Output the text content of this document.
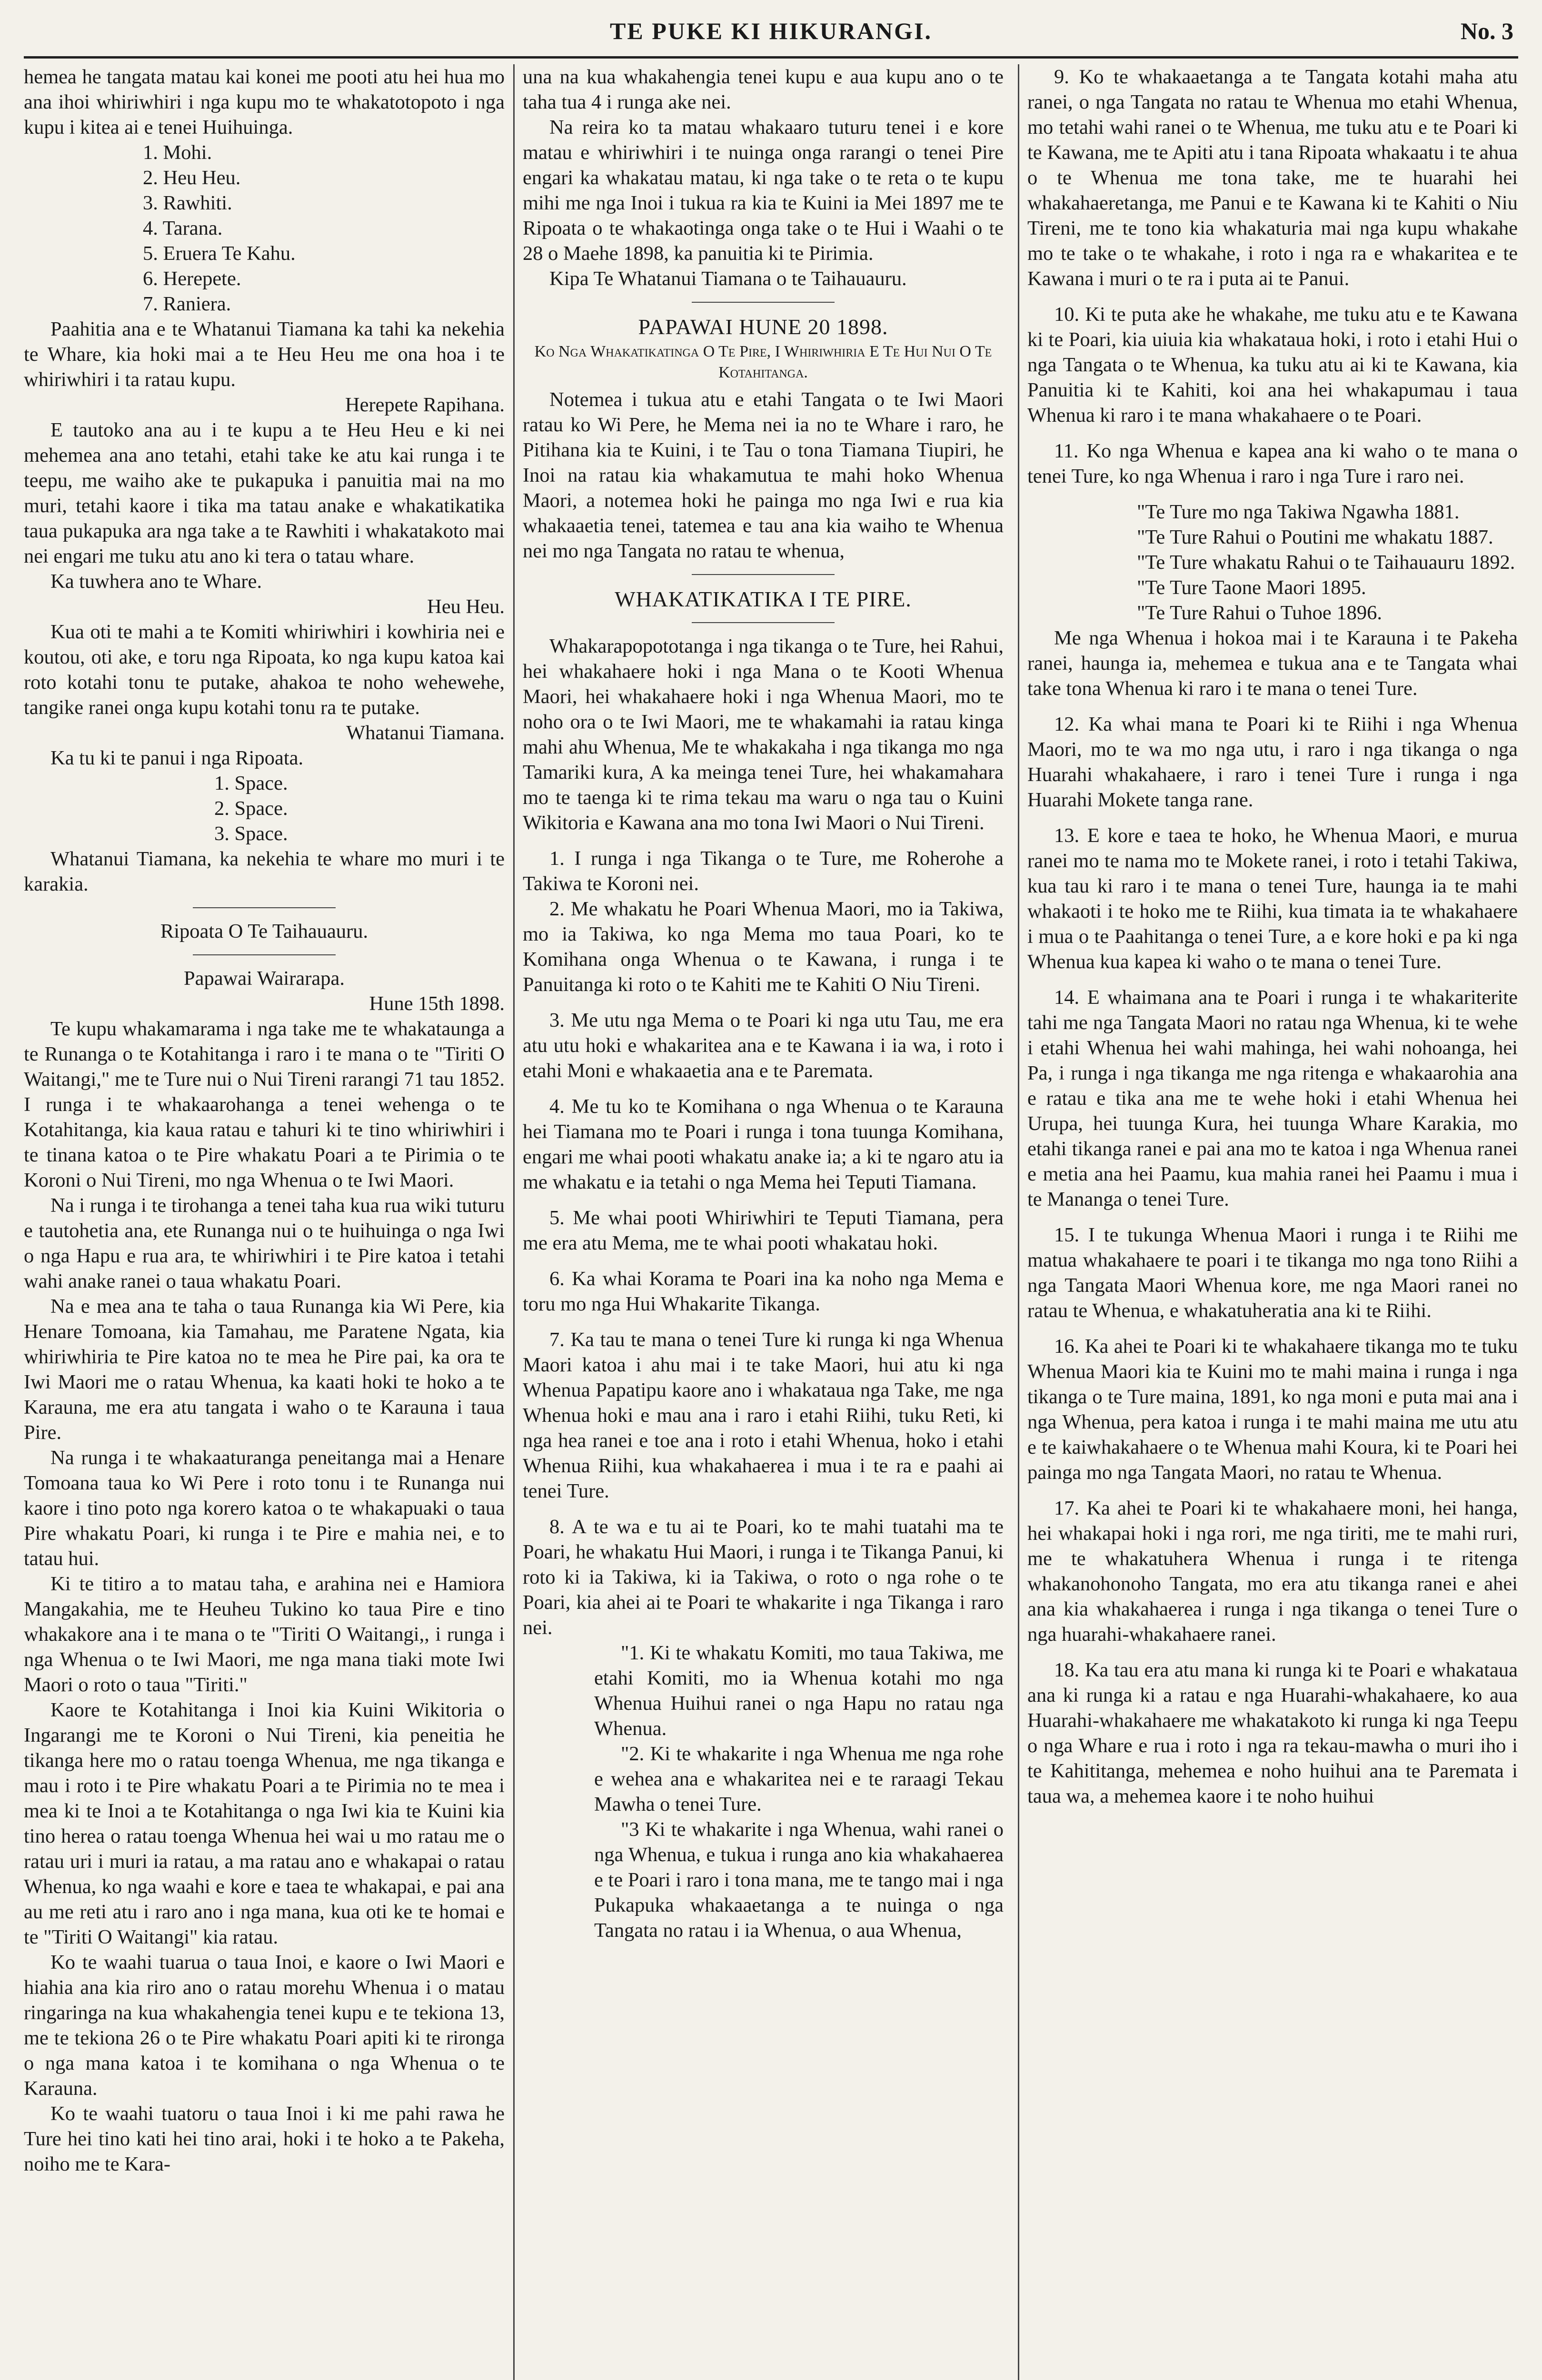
TE PUKE KI HIKURANGI.	No. 3

hemea he tangata matau kai konei me pooti atu hei hua mo ana ihoi whiriwhiri i nga kupu mo te whakatotopoto i nga kupu i kitea ai e tenei Huihuinga.

1. Mohi.
2. Heu Heu.
3. Rawhiti.
4. Tarana.
5. Eruera Te Kahu.
6. Herepete.
7. Raniera.

Paahitia ana e te Whatanui Tiamana ka tahi ka nekehia te Whare, kia hoki mai a te Heu Heu me ona hoa i te whiriwhiri i ta ratau kupu.

Herepete Rapihana.

E tautoko ana au i te kupu a te Heu Heu e ki nei mehemea ana ano tetahi, etahi take ke atu kai runga i te teepu, me waiho ake te pukapuka i panuitia mai na mo muri, tetahi kaore i tika ma tatau anake e whakatikatika taua pukapuka ara nga take a te Rawhiti i whakatakoto mai nei engari me tuku atu ano ki tera o tatau whare.

Ka tuwhera ano te Whare.

Heu Heu.

Kua oti te mahi a te Komiti whiriwhiri i kowhiria nei e koutou, oti ake, e toru nga Ripoata, ko nga kupu katoa kai roto kotahi tonu te putake, ahakoa te noho wehewehe, tangike ranei onga kupu kotahi tonu ra te putake.

Whatanui Tiamana.

Ka tu ki te panui i nga Ripoata.

1. Space.
2. Space.
3. Space.

Whatanui Tiamana, ka nekehia te whare mo muri i te karakia.

Ripoata O Te Taihauauru.

Papawai Wairarapa.

Hune 15th 1898.

Te kupu whakamarama i nga take me te whakataunga a te Runanga o te Kotahitanga i raro i te mana o te "Tiriti O Waitangi," me te Ture nui o Nui Tireni rarangi 71 tau 1852. I runga i te whakaarohanga a tenei wehenga o te Kotahitanga, kia kaua ratau e tahuri ki te tino whiriwhiri i te tinana katoa o te Pire whakatu Poari a te Pirimia o te Koroni o Nui Tireni, mo nga Whenua o te Iwi Maori.

Na i runga i te tirohanga a tenei taha kua rua wiki tuturu e tautohetia ana, ete Runanga nui o te huihuinga o nga Iwi o nga Hapu e rua ara, te whiriwhiri i te Pire katoa i tetahi wahi anake ranei o taua whakatu Poari.

Na e mea ana te taha o taua Runanga kia Wi Pere, kia Henare Tomoana, kia Tamahau, me Paratene Ngata, kia whiriwhiria te Pire katoa no te mea he Pire pai, ka ora te Iwi Maori me o ratau Whenua, ka kaati hoki te hoko a te Karauna, me era atu tangata i waho o te Karauna i taua Pire.

Na runga i te whakaaturanga peneitanga mai a Henare Tomoana taua ko Wi Pere i roto tonu i te Runanga nui kaore i tino poto nga korero katoa o te whakapuaki o taua Pire whakatu Poari, ki runga i te Pire e mahia nei, e to tatau hui.

Ki te titiro a to matau taha, e arahina nei e Hamiora Mangakahia, me te Heuheu Tukino ko taua Pire e tino whakakore ana i te mana o te "Tiriti O Waitangi,, i runga i nga Whenua o te Iwi Maori, me nga mana tiaki mote Iwi Maori o roto o taua "Tiriti."

Kaore te Kotahitanga i Inoi kia Kuini Wikitoria o Ingarangi me te Koroni o Nui Tireni, kia peneitia he tikanga here mo o ratau toenga Whenua, me nga tikanga e mau i roto i te Pire whakatu Poari a te Pirimia no te mea i mea ki te Inoi a te Kotahitanga o nga Iwi kia te Kuini kia tino herea o ratau toenga Whenua hei wai u mo ratau me o ratau uri i muri ia ratau, a ma ratau ano e whakapai o ratau Whenua, ko nga waahi e kore e taea te whakapai, e pai ana au me reti atu i raro ano i nga mana, kua oti ke te homai e te "Tiriti O Waitangi" kia ratau.

Ko te waahi tuarua o taua Inoi, e kaore o Iwi Maori e hiahia ana kia riro ano o ratau morehu Whenua i o matau ringaringa na kua whakahengia tenei kupu e te tekiona 13, me te tekiona 26 o te Pire whakatu Poari apiti ki te rironga o nga mana katoa i te komihana o nga Whenua o te Karauna.

Ko te waahi tuatoru o taua Inoi i ki me pahi rawa he Ture hei tino kati hei tino arai, hoki i te hoko a te Pakeha, noiho me te Kara-

una na kua whakahengia tenei kupu e aua kupu ano o te taha tua 4 i runga ake nei.

Na reira ko ta matau whakaaro tuturu tenei i e kore matau e whiriwhiri i te nuinga onga rarangi o tenei Pire engari ka whakatau matau, ki nga take o te reta o te kupu mihi me nga Inoi i tukua ra kia te Kuini ia Mei 1897 me te Ripoata o te whakaotinga onga take o te Hui i Waahi o te 28 o Maehe 1898, ka panuitia ki te Pirimia.

Kipa Te Whatanui Tiamana o te Taihauauru.

PAPAWAI HUNE 20 1898.

Ko Nga Whakatikatinga O Te Pire, I Whiriwhiria E Te Hui Nui O Te Kotahitanga.

Notemea i tukua atu e etahi Tangata o te Iwi Maori ratau ko Wi Pere, he Mema nei ia no te Whare i raro, he Pitihana kia te Kuini, i te Tau o tona Tiamana Tiupiri, he Inoi na ratau kia whakamutua te mahi hoko Whenua Maori, a notemea hoki he painga mo nga Iwi e rua kia whakaaetia tenei, tatemea e tau ana kia waiho te Whenua nei mo nga Tangata no ratau te whenua,

WHAKATIKATIKA I TE PIRE.

Whakarapopototanga i nga tikanga o te Ture, hei Rahui, hei whakahaere hoki i nga Mana o te Kooti Whenua Maori, hei whakahaere hoki i nga Whenua Maori, mo te noho ora o te Iwi Maori, me te whakamahi ia ratau kinga mahi ahu Whenua, Me te whakakaha i nga tikanga mo nga Tamariki kura, A ka meinga tenei Ture, hei whakamahara mo te taenga ki te rima tekau ma waru o nga tau o Kuini Wikitoria e Kawana ana mo tona Iwi Maori o Nui Tireni.

1. I runga i nga Tikanga o te Ture, me Roherohe a Takiwa te Koroni nei.

2. Me whakatu he Poari Whenua Maori, mo ia Takiwa, mo ia Takiwa, ko nga Mema mo taua Poari, ko te Komihana onga Whenua o te Kawana, i runga i te Panuitanga ki roto o te Kahiti me te Kahiti O Niu Tireni.

3. Me utu nga Mema o te Poari ki nga utu Tau, me era atu utu hoki e whakaritea ana e te Kawana i ia wa, i roto i etahi Moni e whakaaetia ana e te Paremata.

4. Me tu ko te Komihana o nga Whenua o te Karauna hei Tiamana mo te Poari i runga i tona tuunga Komihana, engari me whai pooti whakatu anake ia; a ki te ngaro atu ia me whakatu e ia tetahi o nga Mema hei Teputi Tiamana.

5. Me whai pooti Whiriwhiri te Teputi Tiamana, pera me era atu Mema, me te whai pooti whakatau hoki.

6. Ka whai Korama te Poari ina ka noho nga Mema e toru mo nga Hui Whakarite Tikanga.

7. Ka tau te mana o tenei Ture ki runga ki nga Whenua Maori katoa i ahu mai i te take Maori, hui atu ki nga Whenua Papatipu kaore ano i whakataua nga Take, me nga Whenua hoki e mau ana i raro i etahi Riihi, tuku Reti, ki nga hea ranei e toe ana i roto i etahi Whenua, hoko i etahi Whenua Riihi, kua whakahaerea i mua i te ra e paahi ai tenei Ture.

8. A te wa e tu ai te Poari, ko te mahi tuatahi ma te Poari, he whakatu Hui Maori, i runga i te Tikanga Panui, ki roto ki ia Takiwa, ki ia Takiwa, o roto o nga rohe o te Poari, kia ahei ai te Poari te whakarite i nga Tikanga i raro nei.

"1. Ki te whakatu Komiti, mo taua Takiwa, me etahi Komiti, mo ia Whenua kotahi mo nga Whenua Huihui ranei o nga Hapu no ratau nga Whenua.

"2. Ki te whakarite i nga Whenua me nga rohe e wehea ana e whakaritea nei e te raraagi Tekau Mawha o tenei Ture.

"3 Ki te whakarite i nga Whenua, wahi ranei o nga Whenua, e tukua i runga ano kia whakahaerea e te Poari i raro i tona mana, me te tango mai i nga Pukapuka whakaaetanga a te nuinga o nga Tangata no ratau i ia Whenua, o aua Whenua,

9. Ko te whakaaetanga a te Tangata kotahi maha atu ranei, o nga Tangata no ratau te Whenua mo etahi Whenua, mo tetahi wahi ranei o te Whenua, me tuku atu e te Poari ki te Kawana, me te Apiti atu i tana Ripoata whakaatu i te ahua o te Whenua me tona take, me te huarahi hei whakahaeretanga, me Panui e te Kawana ki te Kahiti o Niu Tireni, me te tono kia whakaturia mai nga kupu whakahe mo te take o te whakahe, i roto i nga ra e whakaritea e te Kawana i muri o te ra i puta ai te Panui.

10. Ki te puta ake he whakahe, me tuku atu e te Kawana ki te Poari, kia uiuia kia whakataua hoki, i roto i etahi Hui o nga Tangata o te Whenua, ka tuku atu ai ki te Kawana, kia Panuitia ki te Kahiti, koi ana hei whakapumau i taua Whenua ki raro i te mana whakahaere o te Poari.

11. Ko nga Whenua e kapea ana ki waho o te mana o tenei Ture, ko nga Whenua i raro i nga Ture i raro nei.

"Te Ture mo nga Takiwa Ngawha 1881.
"Te Ture Rahui o Poutini me whakatu 1887.
"Te Ture whakatu Rahui o te Taihauauru 1892.
"Te Ture Taone Maori 1895.
"Te Ture Rahui o Tuhoe 1896.

Me nga Whenua i hokoa mai i te Karauna i te Pakeha ranei, haunga ia, mehemea e tukua ana e te Tangata whai take tona Whenua ki raro i te mana o tenei Ture.

12. Ka whai mana te Poari ki te Riihi i nga Whenua Maori, mo te wa mo nga utu, i raro i nga tikanga o nga Huarahi whakahaere, i raro i tenei Ture i runga i nga Huarahi Mokete tanga rane.

13. E kore e taea te hoko, he Whenua Maori, e murua ranei mo te nama mo te Mokete ranei, i roto i tetahi Takiwa, kua tau ki raro i te mana o tenei Ture, haunga ia te mahi whakaoti i te hoko me te Riihi, kua timata ia te whakahaere i mua o te Paahitanga o tenei Ture, a e kore hoki e pa ki nga Whenua kua kapea ki waho o te mana o tenei Ture.

14. E whaimana ana te Poari i runga i te whakariterite tahi me nga Tangata Maori no ratau nga Whenua, ki te wehe i etahi Whenua hei wahi mahinga, hei wahi nohoanga, hei Pa, i runga i nga tikanga me nga ritenga e whakaarohia ana e ratau e tika ana me te wehe hoki i etahi Whenua hei Urupa, hei tuunga Kura, hei tuunga Whare Karakia, mo etahi tikanga ranei e pai ana mo te katoa i nga Whenua ranei e metia ana hei Paamu, kua mahia ranei hei Paamu i mua i te Mananga o tenei Ture.

15. I te tukunga Whenua Maori i runga i te Riihi me matua whakahaere te poari i te tikanga mo nga tono Riihi a nga Tangata Maori Whenua kore, me nga Maori ranei no ratau te Whenua, e whakatuheratia ana ki te Riihi.

16. Ka ahei te Poari ki te whakahaere tikanga mo te tuku Whenua Maori kia te Kuini mo te mahi maina i runga i nga tikanga o te Ture maina, 1891, ko nga moni e puta mai ana i nga Whenua, pera katoa i runga i te mahi maina me utu atu e te kaiwhakahaere o te Whenua mahi Koura, ki te Poari hei painga mo nga Tangata Maori, no ratau te Whenua.

17. Ka ahei te Poari ki te whakahaere moni, hei hanga, hei whakapai hoki i nga rori, me nga tiriti, me te mahi ruri, me te whakatuhera Whenua i runga i te ritenga whakanohonoho Tangata, mo era atu tikanga ranei e ahei ana kia whakahaerea i runga i nga tikanga o tenei Ture o nga huarahi-whakahaere ranei.

18. Ka tau era atu mana ki runga ki te Poari e whakataua ana ki runga ki a ratau e nga Huarahi-whakahaere, ko aua Huarahi-whakahaere me whakatakoto ki runga ki nga Teepu o nga Whare e rua i roto i nga ra tekau-mawha o muri iho i te Kahititanga, mehemea e noho huihui ana te Paremata i taua wa, a mehemea kaore i te noho huihui
